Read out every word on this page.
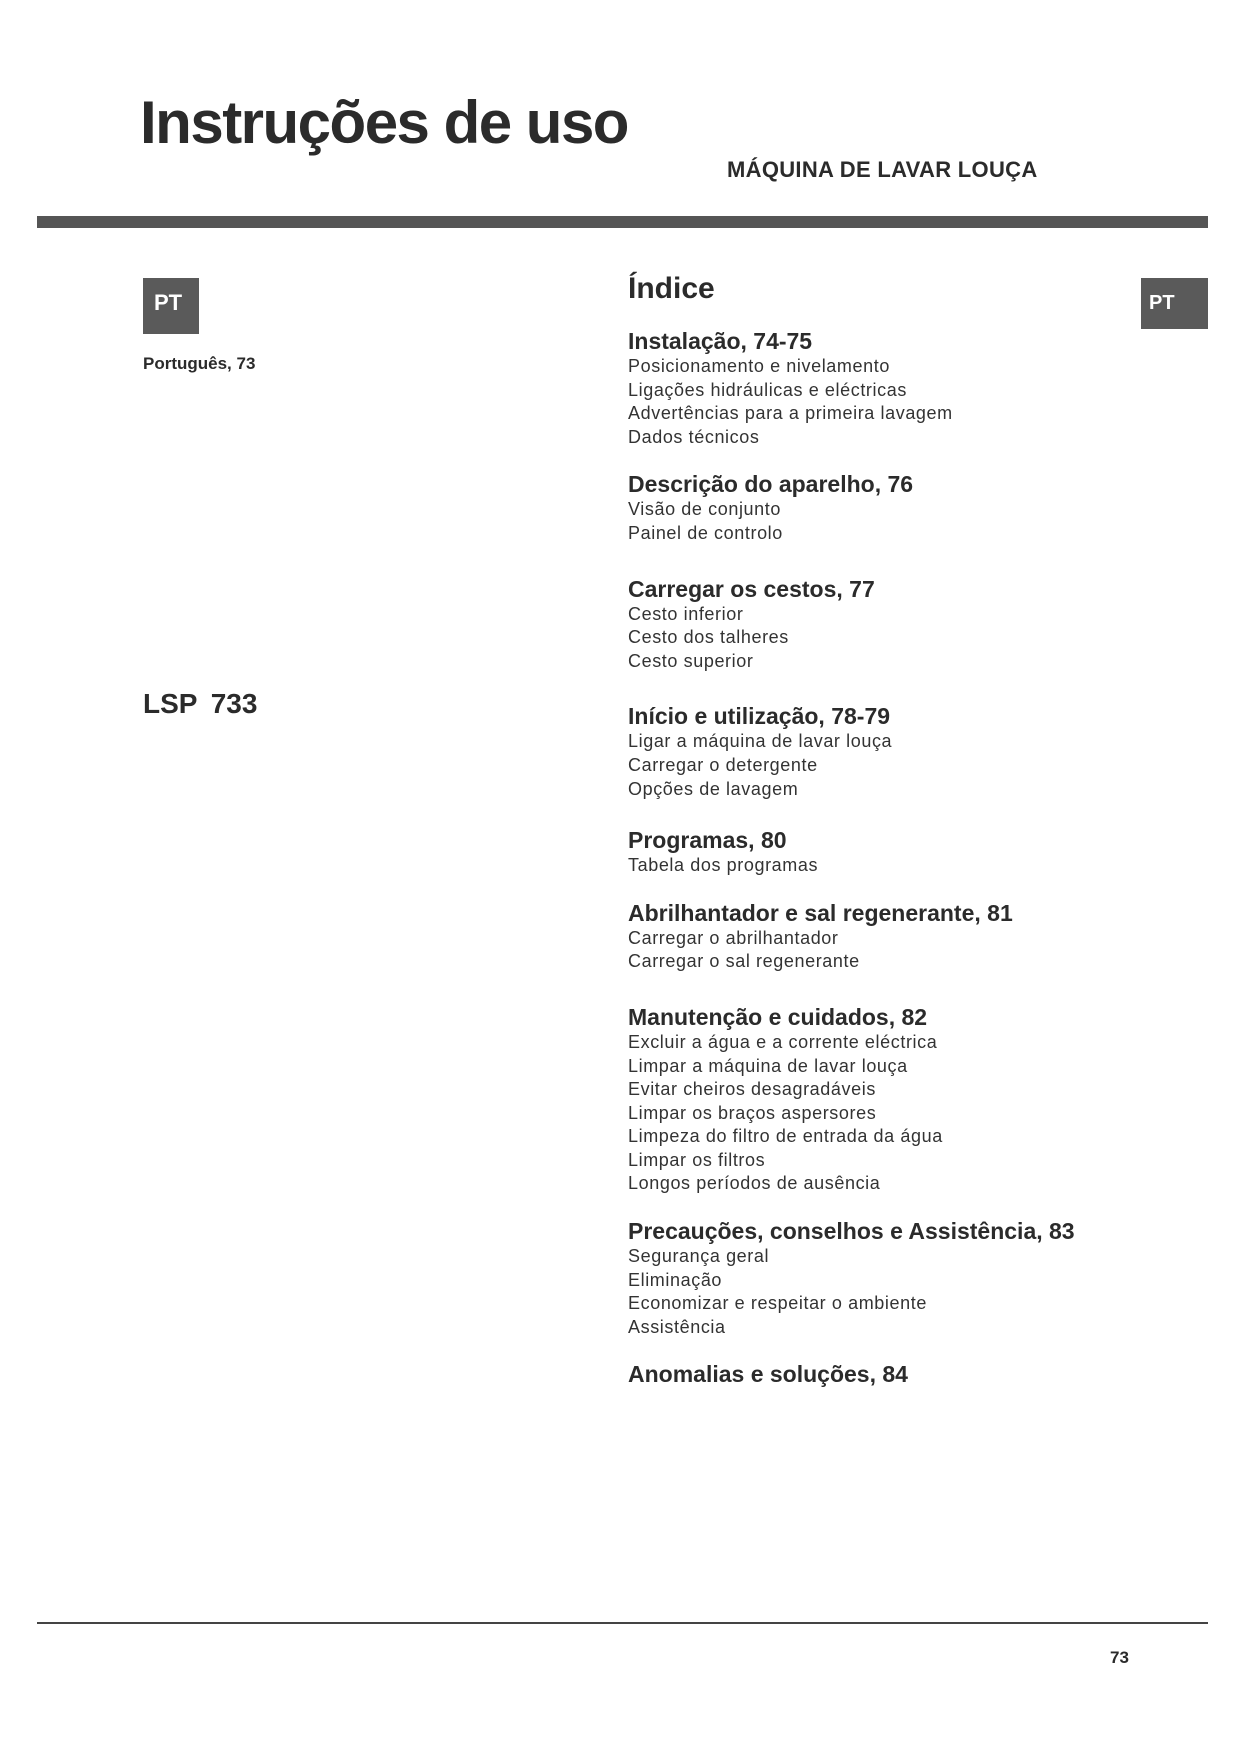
Instruções de uso
MÁQUINA DE LAVAR LOUÇA
PT
Português, 73
LSP 733
PT
Índice
Instalação, 74-75
Posicionamento e nivelamento
Ligações hidráulicas e eléctricas
Advertências para a primeira lavagem
Dados técnicos
Descrição do aparelho, 76
Visão de conjunto
Painel de controlo
Carregar os cestos, 77
Cesto inferior
Cesto dos talheres
Cesto superior
Início e utilização, 78-79
Ligar a máquina de lavar louça
Carregar o detergente
Opções de lavagem
Programas, 80
Tabela dos programas
Abrilhantador e sal regenerante, 81
Carregar o abrilhantador
Carregar o sal regenerante
Manutenção e cuidados, 82
Excluir a água e a corrente eléctrica
Limpar a máquina de lavar louça
Evitar cheiros desagradáveis
Limpar os braços aspersores
Limpeza do filtro de entrada da água
Limpar os filtros
Longos períodos de ausência
Precauções, conselhos e Assistência, 83
Segurança geral
Eliminação
Economizar e respeitar o ambiente
Assistência
Anomalias e soluções, 84
73
